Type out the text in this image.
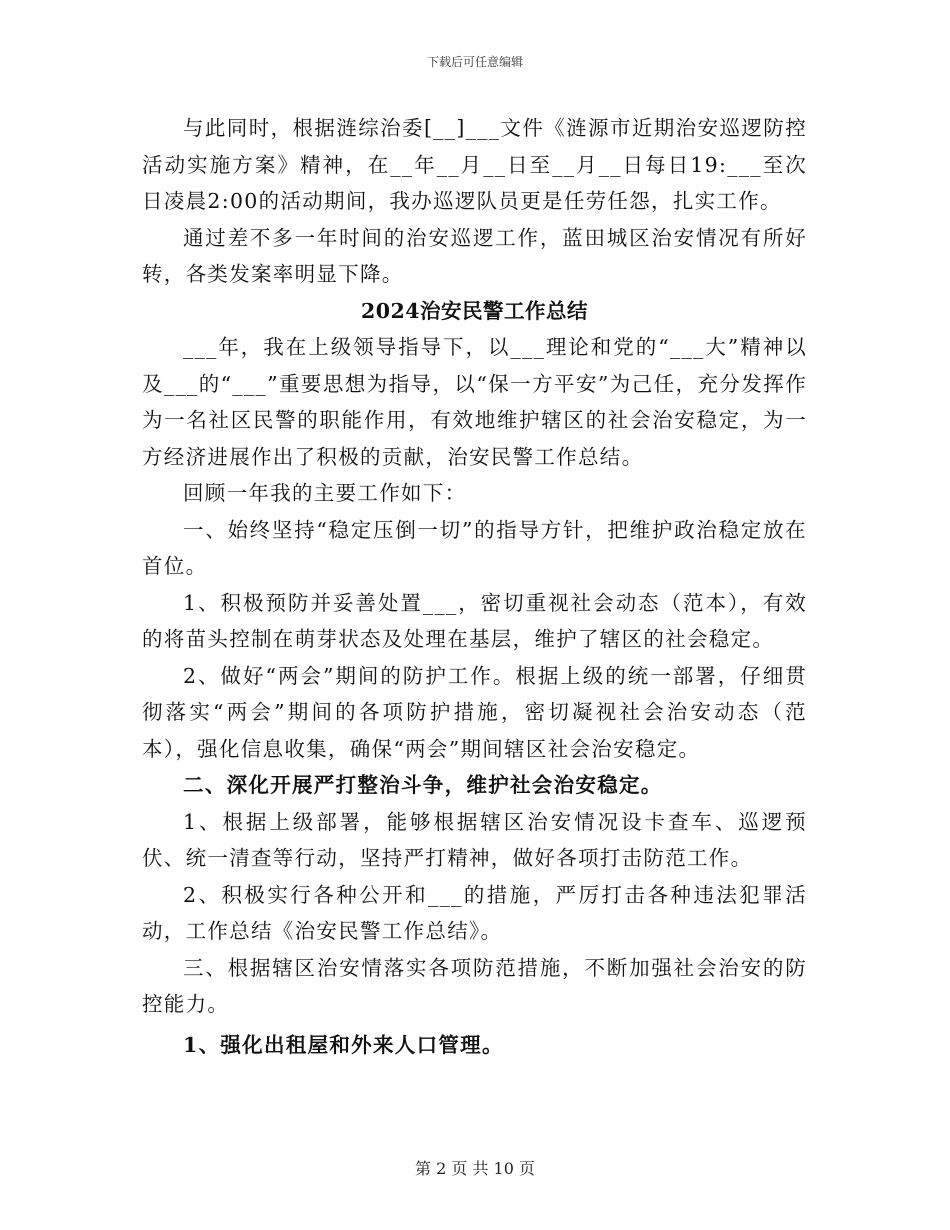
下载后可任意编辑

与此同时，根据涟综治委[__]___文件《涟源市近期治安巡逻防控活动实施方案》精神，在__年__月__日至__月__日每日19:___至次日凌晨2:00的活动期间，我办巡逻队员更是任劳任怨，扎实工作。

通过差不多一年时间的治安巡逻工作，蓝田城区治安情况有所好转，各类发案率明显下降。

2024治安民警工作总结

___年，我在上级领导指导下，以___理论和党的“___大”精神以及___的“___”重要思想为指导，以“保一方平安”为己任，充分发挥作为一名社区民警的职能作用，有效地维护辖区的社会治安稳定，为一方经济进展作出了积极的贡献，治安民警工作总结。

回顾一年我的主要工作如下：

一、始终坚持“稳定压倒一切”的指导方针，把维护政治稳定放在首位。

1、积极预防并妥善处置___，密切重视社会动态（范本），有效的将苗头控制在萌芽状态及处理在基层，维护了辖区的社会稳定。

2、做好“两会”期间的防护工作。根据上级的统一部署，仔细贯彻落实“两会”期间的各项防护措施，密切凝视社会治安动态（范本），强化信息收集，确保“两会”期间辖区社会治安稳定。

二、深化开展严打整治斗争，维护社会治安稳定。

1、根据上级部署，能够根据辖区治安情况设卡查车、巡逻预伏、统一清查等行动，坚持严打精神，做好各项打击防范工作。

2、积极实行各种公开和___的措施，严厉打击各种违法犯罪活动，工作总结《治安民警工作总结》。

三、根据辖区治安情落实各项防范措施，不断加强社会治安的防控能力。

1、强化出租屋和外来人口管理。

第 2 页 共 10 页
